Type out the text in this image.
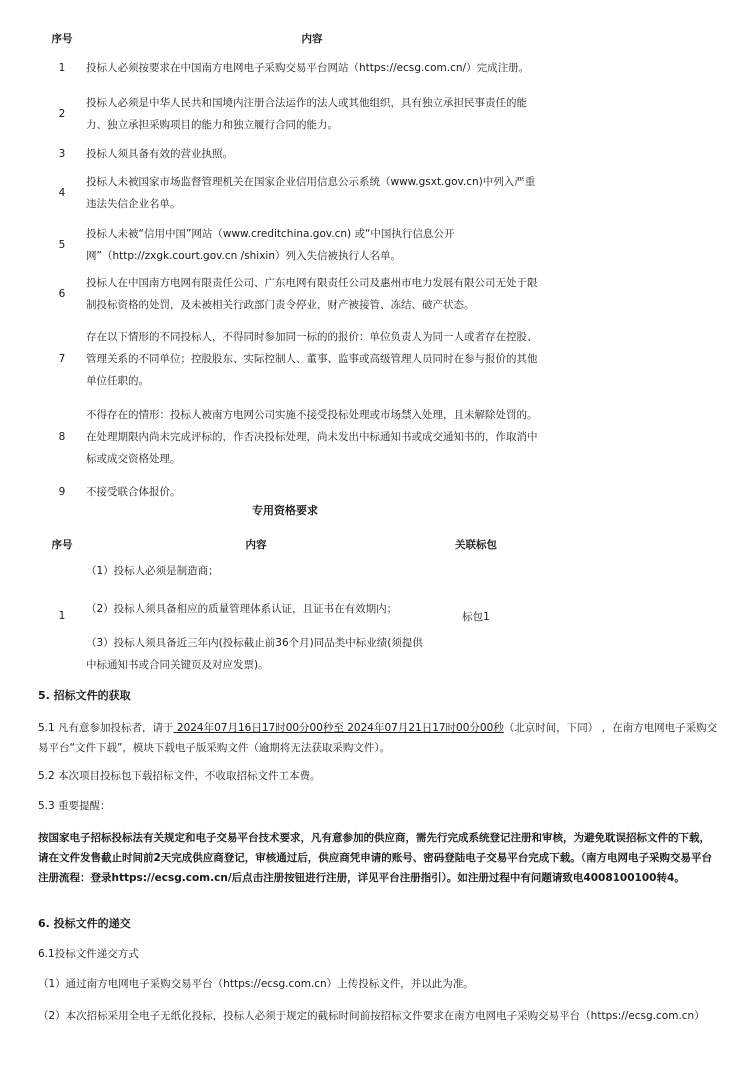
序号	内容
1	投标人必须按要求在中国南方电网电子采购交易平台网站（https://ecsg.com.cn/）完成注册。
2	投标人必须是中华人民共和国境内注册合法运作的法人或其他组织，具有独立承担民事责任的能力、独立承担采购项目的能力和独立履行合同的能力。
3	投标人须具备有效的营业执照。
4	投标人未被国家市场监督管理机关在国家企业信用信息公示系统（www.gsxt.gov.cn)中列入严重违法失信企业名单。
5	投标人未被“信用中国”网站（www.creditchina.gov.cn) 或“中国执行信息公开
网”（http://zxgk.court.gov.cn /shixin）列入失信被执行人名单。

6	投标人在中国南方电网有限责任公司、广东电网有限责任公司及惠州市电力发展有限公司无处于限制投标资格的处罚，及未被相关行政部门责令停业，财产被接管、冻结、破产状态。
7	存在以下情形的不同投标人，不得同时参加同一标的的报价：单位负责人为同一人或者存在控股、管理关系的不同单位；控股股东、实际控制人、董事、监事或高级管理人员同时在参与报价的其他单位任职的。
8	不得存在的情形：投标人被南方电网公司实施不接受投标处理或市场禁入处理，且未解除处罚的。在处理期限内尚未完成评标的，作否决投标处理，尚未发出中标通知书或成交通知书的，作取消中标或成交资格处理。
9	不接受联合体报价。
专用资格要求
序号	内容	关联标包
1	（1）投标人必须是制造商；
（2）投标人须具备相应的质量管理体系认证，且证书在有效期内；
（3）投标人须具备近三年内(投标截止前36个月)同品类中标业绩(须提供中标通知书或合同关键页及对应发票)。	标包1
5. 招标文件的获取
5.1 凡有意参加投标者，请于 2024年07月16日17时00分00秒至 2024年07月21日17时00分00秒（北京时间，下同） ，在南方电网电子采购交易平台“文件下载”，模块下载电子版采购文件（逾期将无法获取采购文件）。
5.2 本次项目投标包下载招标文件，不收取招标文件工本费。
5.3 重要提醒：
按国家电子招标投标法有关规定和电子交易平台技术要求，凡有意参加的供应商，需先行完成系统登记注册和审核，为避免耽误招标文件的下载，请在文件发售截止时间前2天完成供应商登记，审核通过后，供应商凭申请的账号、密码登陆电子交易平台完成下载。（南方电网电子采购交易平台注册流程：登录https://ecsg.com.cn/后点击注册按钮进行注册，详见平台注册指引）。如注册过程中有问题请致电4008100100转4。
6. 投标文件的递交
6.1投标文件递交方式
（1）通过南方电网电子采购交易平台（https://ecsg.com.cn）上传投标文件，并以此为准。
（2）本次招标采用全电子无纸化投标，投标人必须于规定的截标时间前按招标文件要求在南方电网电子采购交易平台（https://ecsg.com.cn）
